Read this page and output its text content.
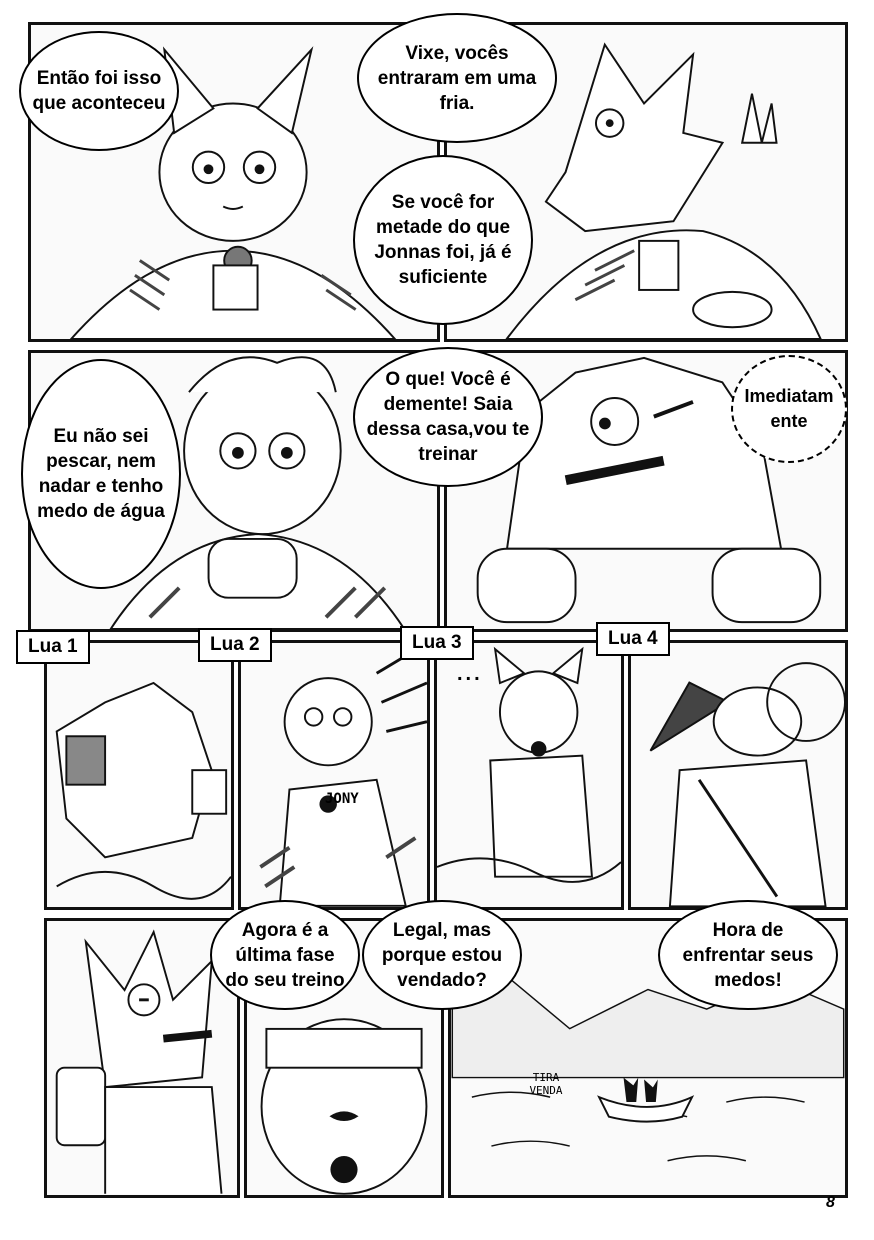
Então foi isso que aconteceu
Vixe, vocês entraram em uma fria.
Se você for metade do que Jonnas foi, já é suficiente
Eu não sei pescar, nem nadar e tenho medo de água
O que! Você é demente! Saia dessa casa,vou te treinar
Imediatamente
JONY
...
Lua 1	Lua 2	Lua 3	Lua 4
TIRA VENDA
Agora é a última fase do seu treino
Legal, mas porque estou vendado?
Hora de enfrentar seus medos!
8
